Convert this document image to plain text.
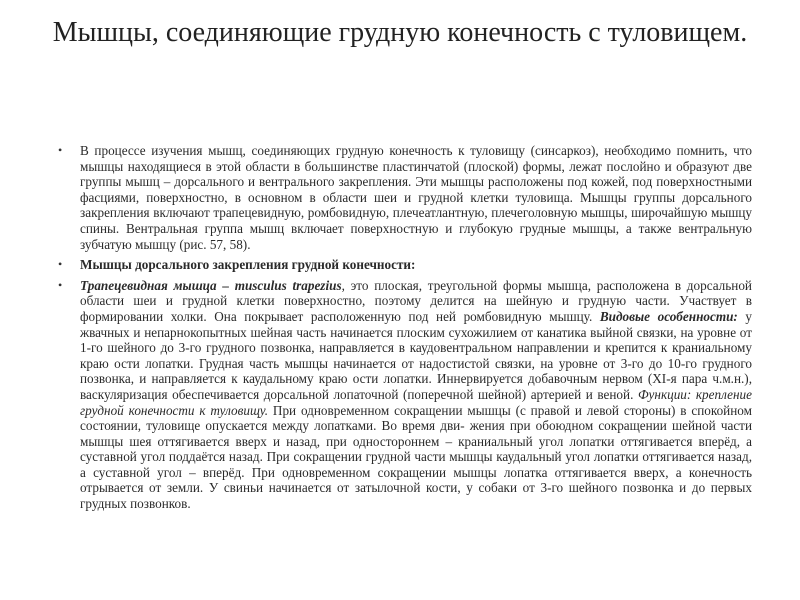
Мышцы, соединяющие грудную конечность с туловищем.
• В процессе изучения мышц, соединяющих грудную конечность к туловищу (синсаркоз), необходимо помнить, что мышцы находящиеся в этой области в большинстве пластинчатой (плоской) формы, лежат послойно и образуют две группы мышц – дорсального и вентрального закрепления. Эти мышцы расположены под кожей, под поверхностными фасциями, поверхностно, в основном в области шеи и грудной клетки туловища. Мышцы группы дорсального закрепления включают трапецевидную, ромбовидную, плечеатлантную, плечеголовную мышцы, широчайшую мышцу спины. Вентральная группа мышц включает поверхностную и глубокую грудные мышцы, а также вентральную зубчатую мышцу (рис. 57, 58).
• Мышцы дорсального закрепления грудной конечности:
• Трапецевидная мышца – musculus trapezius, это плоская, треугольной формы мышца, расположена в дорсальной области шеи и грудной клетки поверхностно, поэтому делится на шейную и грудную части. Участвует в формировании холки. Она покрывает расположенную под ней ромбовидную мышцу. Видовые особенности: у жвачных и непарнокопытных шейная часть начинается плоским сухожилием от канатика выйной связки, на уровне от 1-го шейного до 3-го грудного позвонка, направляется в каудовентральном направлении и крепится к краниальному краю ости лопатки. Грудная часть мышцы начинается от надостистой связки, на уровне от 3-го до 10-го грудного позвонка, и направляется к каудальному краю ости лопатки. Иннервируется добавочным нервом (XI-я пара ч.м.н.), васкуляризация обеспечивается дорсальной лопаточной (поперечной шейной) артерией и веной. Функции: крепление грудной конечности к туловищу. При одновременном сокращении мышцы (с правой и левой стороны) в спокойном состоянии, туловище опускается между лопатками. Во время дви- жения при обоюдном сокращении шейной части мышцы шея оттягивается вверх и назад, при одностороннем – краниальный угол лопатки оттягивается вперёд, а суставной угол поддаётся назад. При сокращении грудной части мышцы каудальный угол лопатки оттягивается назад, а суставной угол – вперёд. При одновременном сокращении мышцы лопатка оттягивается вверх, а конечность отрывается от земли. У свиньи начинается от затылочной кости, у собаки от 3-го шейного позвонка и до первых грудных позвонков.
